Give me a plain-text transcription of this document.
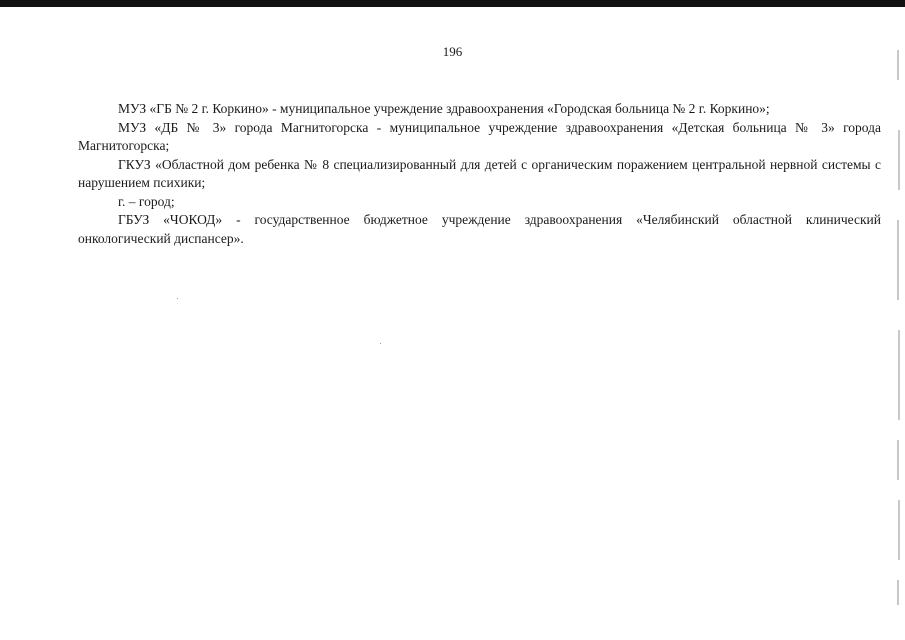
196

МУЗ «ГБ № 2 г. Коркино» - муниципальное учреждение здравоохранения «Городская больница № 2 г. Коркино»;

МУЗ «ДБ № 3» города Магнитогорска - муниципальное учреждение здравоохранения «Детская больница № 3» города Магнитогорска;

ГКУЗ «Областной дом ребенка № 8 специализированный для детей с органическим поражением центральной нервной системы с нарушением психики;

г. – город;

ГБУЗ «ЧОКОД» - государственное бюджетное учреждение здравоохранения «Челябинский областной клинический онкологический диспансер».
